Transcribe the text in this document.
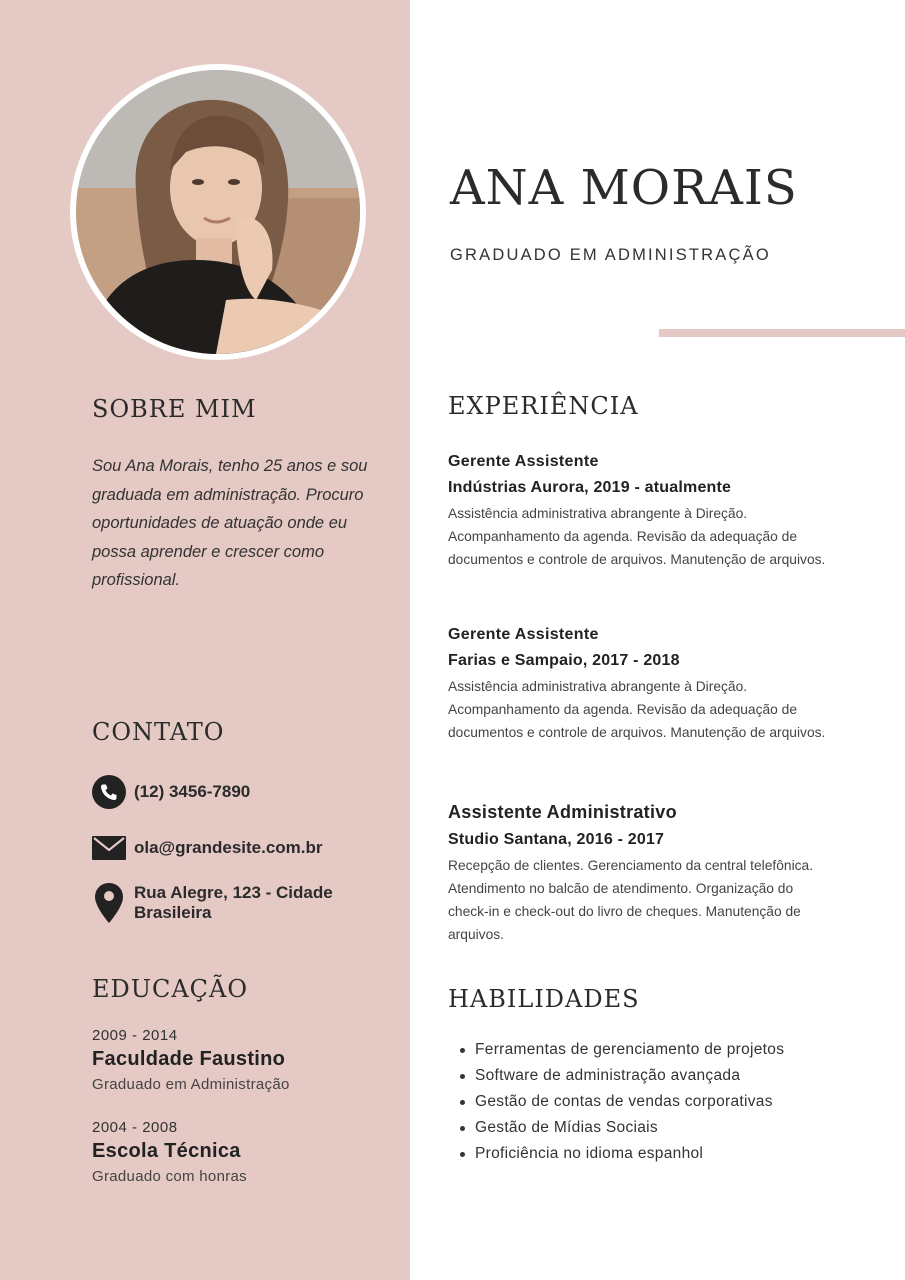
SOBRE MIM

Sou Ana Morais, tenho 25 anos e sou graduada em administração. Procuro oportunidades de atuação onde eu possa aprender e crescer como profissional.

CONTATO
(12) 3456-7890
ola@grandesite.com.br
Rua Alegre, 123 - Cidade Brasileira
EDUCAÇÃO
2009 - 2014
Faculdade Faustino
Graduado em Administração
2004 - 2008
Escola Técnica
Graduado com honras
ANA MORAIS
GRADUADO EM ADMINISTRAÇÃO
EXPERIÊNCIA
Gerente Assistente
Indústrias Aurora, 2019 - atualmente
Assistência administrativa abrangente à Direção. Acompanhamento da agenda. Revisão da adequação de documentos e controle de arquivos. Manutenção de arquivos.
Gerente Assistente
Farias e Sampaio, 2017 - 2018
Assistência administrativa abrangente à Direção. Acompanhamento da agenda. Revisão da adequação de documentos e controle de arquivos. Manutenção de arquivos.
Assistente Administrativo
Studio Santana, 2016 - 2017
Recepção de clientes. Gerenciamento da central telefônica. Atendimento no balcão de atendimento. Organização do check-in e check-out do livro de cheques. Manutenção de arquivos.
HABILIDADES
Ferramentas de gerenciamento de projetos
Software de administração avançada
Gestão de contas de vendas corporativas
Gestão de Mídias Sociais
Proficiência no idioma espanhol
